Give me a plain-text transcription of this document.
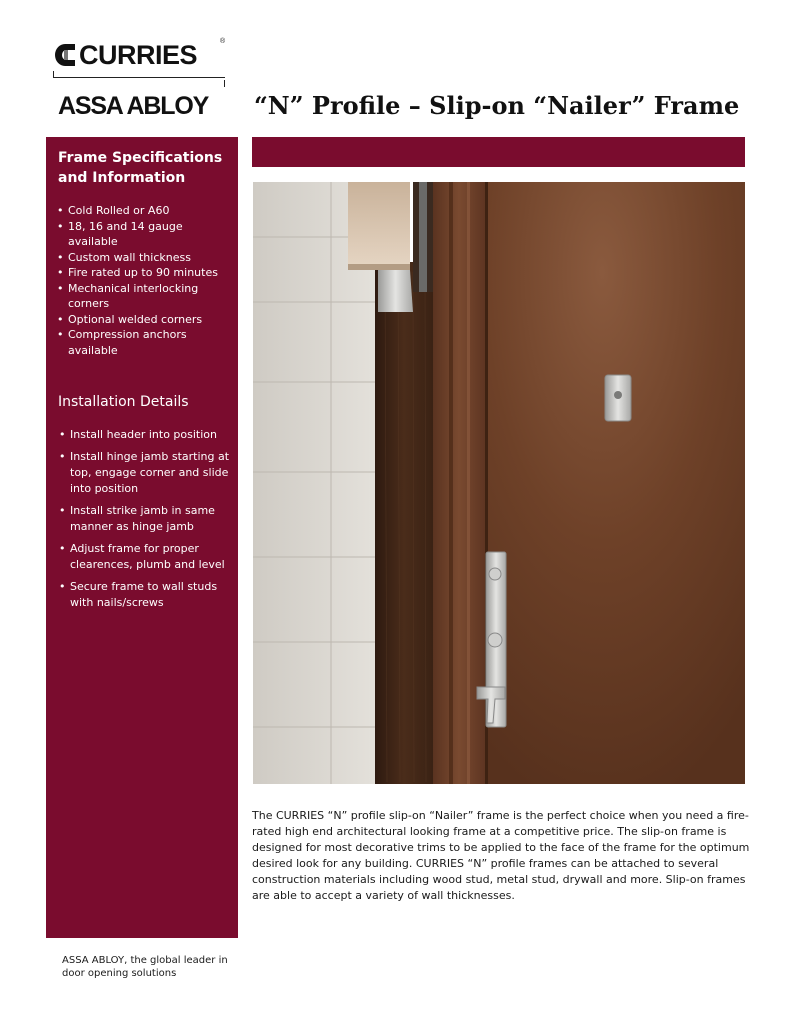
CURRIES	®
ASSA ABLOY “N” Profile – Slip-on “Nailer” Frame
Frame Specifications and Information
• Cold Rolled or A60
• 18, 16 and 14 gauge available
• Custom wall thickness
• Fire rated up to 90 minutes
• Mechanical interlocking corners
• Optional welded corners
• Compression anchors available
Installation Details
• Install header into position
• Install hinge jamb starting at top, engage corner and slide into position
• Install strike jamb in same manner as hinge jamb
• Adjust frame for proper clearences, plumb and level
• Secure frame to wall studs with nails/screws

The CURRIES “N” profile slip-on “Nailer” frame is the perfect choice when you need a fire-rated high end architectural looking frame at a competitive price. The slip-on frame is designed for most decorative trims to be applied to the face of the frame for the optimum desired look for any building. CURRIES “N” profile frames can be attached to several construction materials including wood stud, metal stud, drywall and more. Slip-on frames are able to accept a variety of wall thicknesses.

ASSA ABLOY, the global leader in door opening solutions
